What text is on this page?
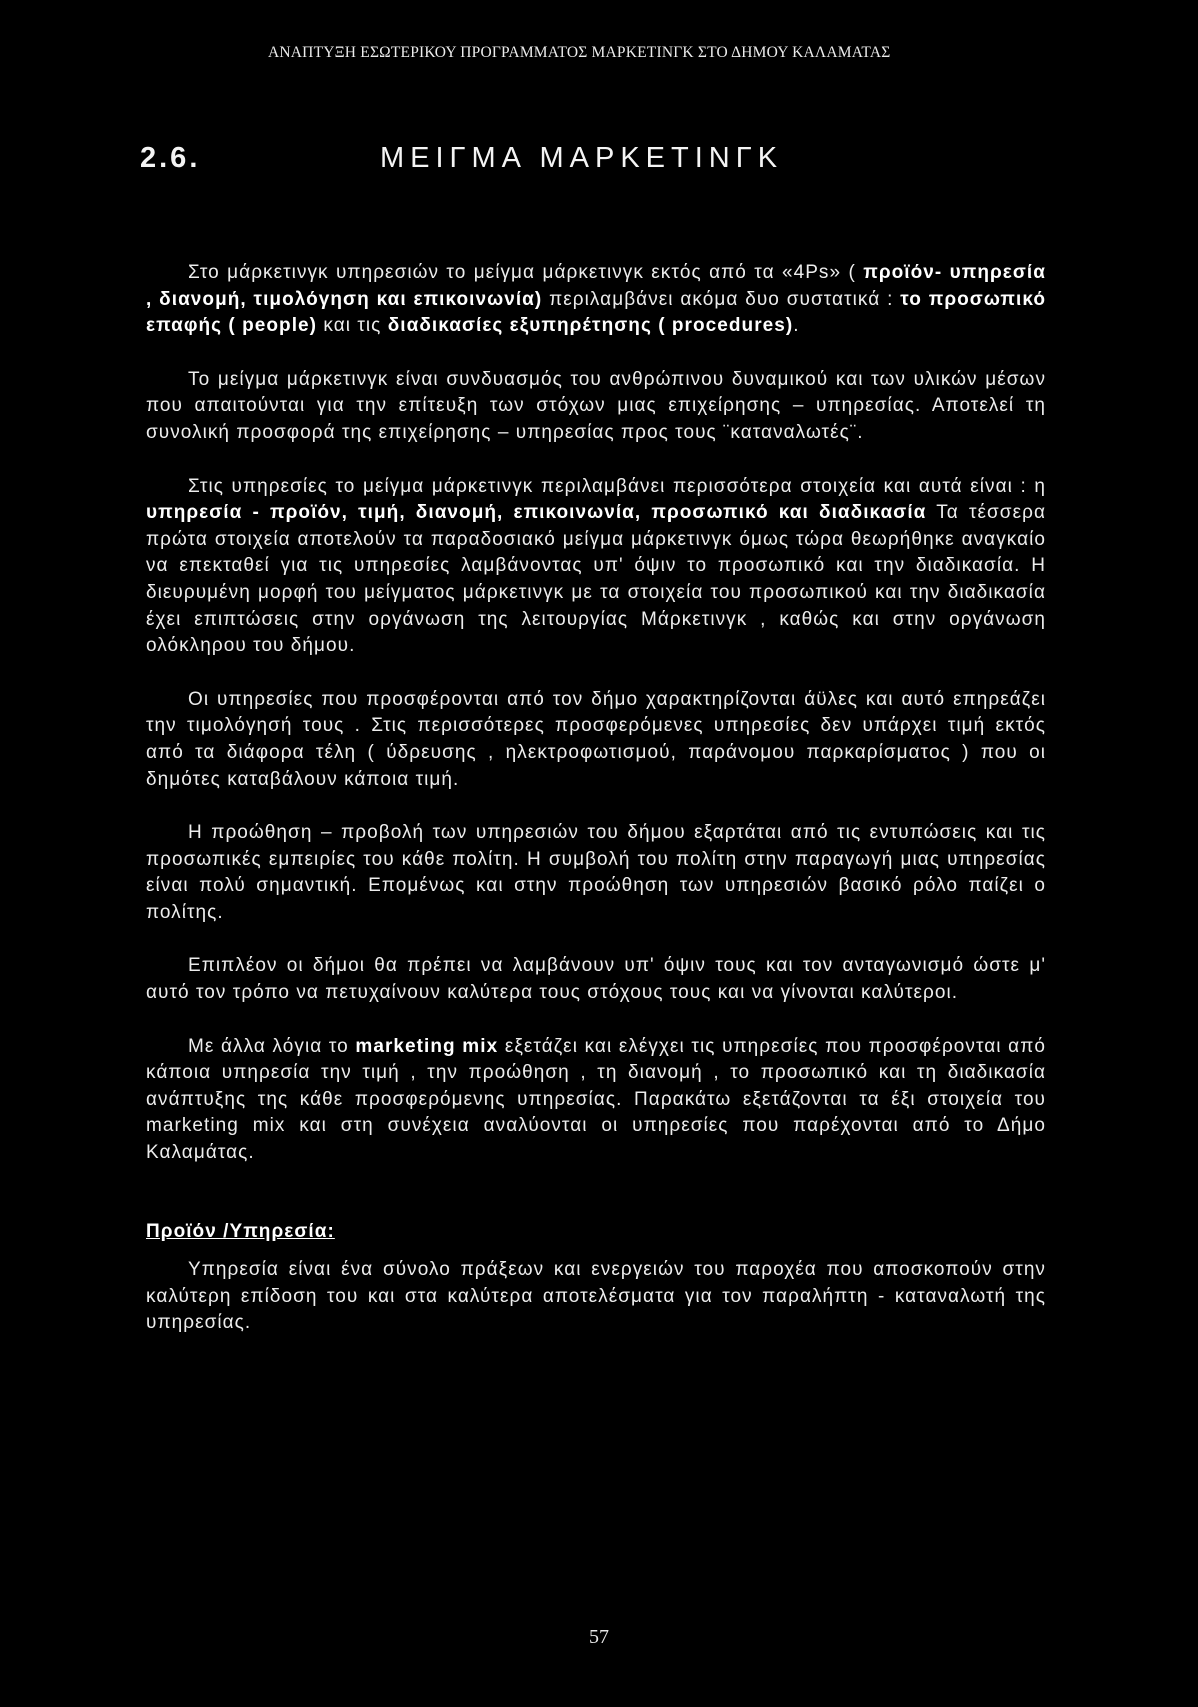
ΑΝΑΠΤΥΞΗ ΕΣΩΤΕΡΙΚΟΥ ΠΡΟΓΡΑΜΜΑΤΟΣ ΜΑΡΚΕΤΙΝΓΚ ΣΤΟ ΔΗΜΟΥ ΚΑΛΑΜΑΤΑΣ
2.6.	ΜΕΙΓΜΑ ΜΑΡΚΕΤΙΝΓΚ

Στο μάρκετινγκ υπηρεσιών το μείγμα μάρκετινγκ εκτός από τα «4Ps» ( προϊόν- υπηρεσία , διανομή, τιμολόγηση και επικοινωνία) περιλαμβάνει ακόμα δυο συστατικά : το προσωπικό επαφής ( people) και τις διαδικασίες εξυπηρέτησης ( procedures).

Το μείγμα μάρκετινγκ είναι συνδυασμός του ανθρώπινου δυναμικού και των υλικών μέσων που απαιτούνται για την επίτευξη των στόχων μιας επιχείρησης – υπηρεσίας. Αποτελεί τη συνολική προσφορά της επιχείρησης – υπηρεσίας προς τους ¨καταναλωτές¨.

Στις υπηρεσίες το μείγμα μάρκετινγκ περιλαμβάνει περισσότερα στοιχεία και αυτά είναι : η υπηρεσία - προϊόν, τιμή, διανομή, επικοινωνία, προσωπικό και διαδικασία Τα τέσσερα πρώτα στοιχεία αποτελούν τα παραδοσιακό μείγμα μάρκετινγκ όμως τώρα θεωρήθηκε αναγκαίο να επεκταθεί για τις υπηρεσίες λαμβάνοντας υπ' όψιν το προσωπικό και την διαδικασία. Η διευρυμένη μορφή του μείγματος μάρκετινγκ με τα στοιχεία του προσωπικού και την διαδικασία έχει επιπτώσεις στην οργάνωση της λειτουργίας Μάρκετινγκ , καθώς και στην οργάνωση ολόκληρου του δήμου.

Οι υπηρεσίες που προσφέρονται από τον δήμο χαρακτηρίζονται άϋλες και αυτό επηρεάζει την τιμολόγησή τους . Στις περισσότερες προσφερόμενες υπηρεσίες δεν υπάρχει τιμή εκτός από τα διάφορα τέλη ( ύδρευσης , ηλεκτροφωτισμού, παράνομου παρκαρίσματος ) που οι δημότες καταβάλουν κάποια τιμή.

Η προώθηση – προβολή των υπηρεσιών του δήμου εξαρτάται από τις εντυπώσεις και τις προσωπικές εμπειρίες του κάθε πολίτη. Η συμβολή του πολίτη στην παραγωγή μιας υπηρεσίας είναι πολύ σημαντική. Επομένως και στην προώθηση των υπηρεσιών βασικό ρόλο παίζει ο πολίτης.

Επιπλέον οι δήμοι θα πρέπει να λαμβάνουν υπ' όψιν τους και τον ανταγωνισμό ώστε μ' αυτό τον τρόπο να πετυχαίνουν καλύτερα τους στόχους τους και να γίνονται καλύτεροι.

Με άλλα λόγια το marketing mix εξετάζει και ελέγχει τις υπηρεσίες που προσφέρονται από κάποια υπηρεσία την τιμή , την προώθηση , τη διανομή , το προσωπικό και τη διαδικασία ανάπτυξης της κάθε προσφερόμενης υπηρεσίας. Παρακάτω εξετάζονται τα έξι στοιχεία του marketing mix και στη συνέχεια αναλύονται οι υπηρεσίες που παρέχονται από το Δήμο Καλαμάτας.

Προϊόν /Υπηρεσία:

Υπηρεσία είναι ένα σύνολο πράξεων και ενεργειών του παροχέα που αποσκοπούν στην καλύτερη επίδοση του και στα καλύτερα αποτελέσματα για τον παραλήπτη - καταναλωτή της υπηρεσίας.

57
